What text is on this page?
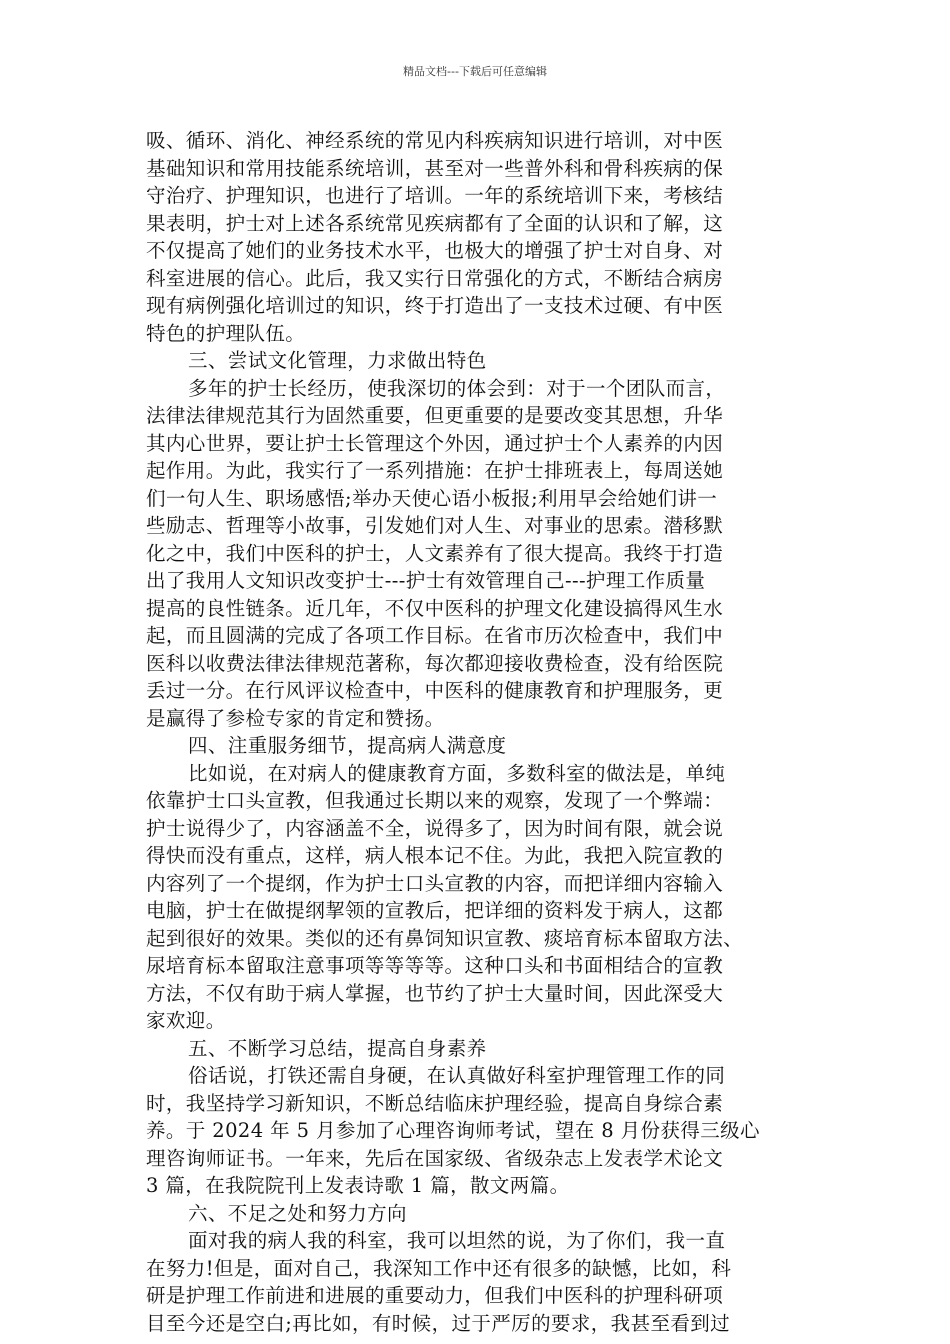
精品文档---下载后可任意编辑
吸、循环、消化、神经系统的常见内科疾病知识进行培训，对中医
基础知识和常用技能系统培训，甚至对一些普外科和骨科疾病的保
守治疗、护理知识，也进行了培训。一年的系统培训下来，考核结
果表明，护士对上述各系统常见疾病都有了全面的认识和了解，这
不仅提高了她们的业务技术水平，也极大的增强了护士对自身、对
科室进展的信心。此后，我又实行日常强化的方式，不断结合病房
现有病例强化培训过的知识，终于打造出了一支技术过硬、有中医
特色的护理队伍。
三、尝试文化管理，力求做出特色
多年的护士长经历，使我深切的体会到：对于一个团队而言，
法律法律规范其行为固然重要，但更重要的是要改变其思想，升华
其内心世界，要让护士长管理这个外因，通过护士个人素养的内因
起作用。为此，我实行了一系列措施：在护士排班表上，每周送她
们一句人生、职场感悟;举办天使心语小板报;利用早会给她们讲一
些励志、哲理等小故事，引发她们对人生、对事业的思索。潜移默
化之中，我们中医科的护士，人文素养有了很大提高。我终于打造
出了我用人文知识改变护士---护士有效管理自己---护理工作质量
提高的良性链条。近几年，不仅中医科的护理文化建设搞得风生水
起，而且圆满的完成了各项工作目标。在省市历次检查中，我们中
医科以收费法律法律规范著称，每次都迎接收费检查，没有给医院
丢过一分。在行风评议检查中，中医科的健康教育和护理服务，更
是赢得了参检专家的肯定和赞扬。
四、注重服务细节，提高病人满意度
比如说，在对病人的健康教育方面，多数科室的做法是，单纯
依靠护士口头宣教，但我通过长期以来的观察，发现了一个弊端：
护士说得少了，内容涵盖不全，说得多了，因为时间有限，就会说
得快而没有重点，这样，病人根本记不住。为此，我把入院宣教的
内容列了一个提纲，作为护士口头宣教的内容，而把详细内容输入
电脑，护士在做提纲挈领的宣教后，把详细的资料发于病人，这都
起到很好的效果。类似的还有鼻饲知识宣教、痰培育标本留取方法、
尿培育标本留取注意事项等等等等。这种口头和书面相结合的宣教
方法，不仅有助于病人掌握，也节约了护士大量时间，因此深受大
家欢迎。
五、不断学习总结，提高自身素养
俗话说，打铁还需自身硬，在认真做好科室护理管理工作的同
时，我坚持学习新知识，不断总结临床护理经验，提高自身综合素
养。于 2024 年 5 月参加了心理咨询师考试，望在 8 月份获得三级心
理咨询师证书。一年来，先后在国家级、省级杂志上发表学术论文
3 篇，在我院院刊上发表诗歌 1 篇，散文两篇。
六、不足之处和努力方向
面对我的病人我的科室，我可以坦然的说，为了你们，我一直
在努力!但是，面对自己，我深知工作中还有很多的缺憾，比如，科
研是护理工作前进和进展的重要动力，但我们中医科的护理科研项
目至今还是空白;再比如，有时候，过于严厉的要求，我甚至看到过
